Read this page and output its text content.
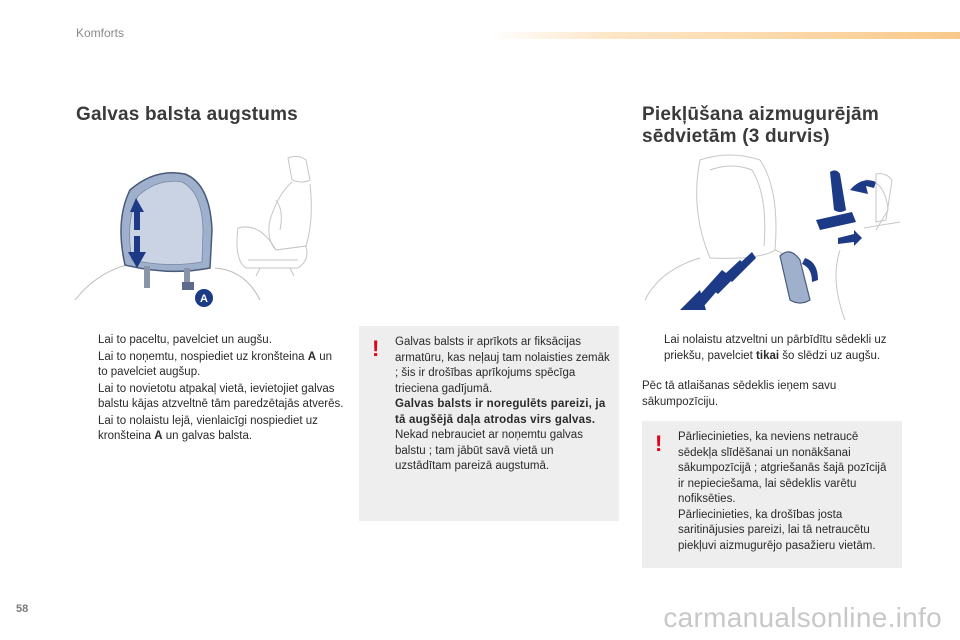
Komforts
Galvas balsta augstums
A
Lai to paceltu, pavelciet un augšu.
Lai to noņemtu, nospiediet uz kronšteina A un to pavelciet augšup.
Lai to novietotu atpakaļ vietā, ievietojiet galvas balstu kājas atzveltnē tām paredzētajās atverēs.
Lai to nolaistu lejā, vienlaicīgi nospiediet uz kronšteina A un galvas balsta.
! Galvas balsts ir aprīkots ar fiksācijas armatūru, kas neļauj tam nolaisties zemāk ; šis ir drošības aprīkojums spēcīga trieciena gadījumā.

Galvas balsts ir noregulēts pareizi, ja tā augšējā daļa atrodas virs galvas.

Nekad nebrauciet ar noņemtu galvas balstu ; tam jābūt savā vietā un uzstādītam pareizā augstumā.

Piekļūšana aizmugurējām
sēdvietām (3 durvis)
Lai nolaistu atzveltni un pārbīdītu sēdekli uz priekšu, pavelciet tikai šo slēdzi uz augšu.
Pēc tā atlaišanas sēdeklis ieņem savu sākumpozīciju.
! Pārliecinieties, ka neviens netraucē sēdekļa slīdēšanai un nonākšanai sākumpozīcijā ; atgriešanās šajā pozīcijā ir nepieciešama, lai sēdeklis varētu nofiksēties.

Pārliecinieties, ka drošības josta saritinājusies pareizi, lai tā netraucētu piekļuvi aizmugurējo pasažieru vietām.

58	carmanualsonline.info
